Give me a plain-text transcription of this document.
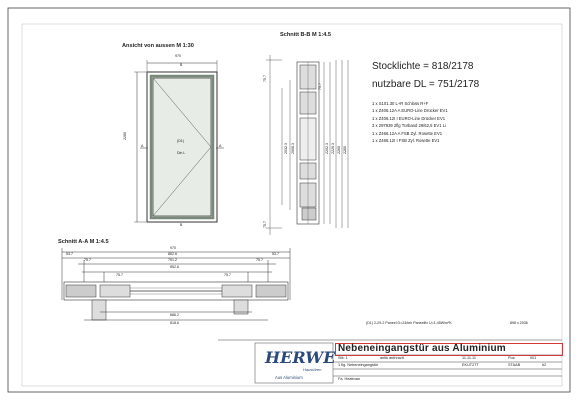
Ansicht von aussen M 1:30
Schnitt B-B M 1:4.5
Schnitt A-A M 1:4.5
970
B
B
A	A
2280
(D1)
Din L
75.7
75.7
2032.3 2008.3	2202.3 2226.3 2260 2280
75.7
970
53.7	862.6	53.7
75.7	701.2	75.7
852.6
75.7	75.7
686.2
818.6
Stocklichte = 818/2178
nutzbare DL = 751/2178
1 x S101.30 L+R Schloss R+F
1 x Z406.12A A EURO-Line Drücker EV1
1 x Z406.12I I EURO-Line Drücker EV1
3 x 297939 2flg Türband 29/62,5 EV1 Li
1 x Z466.12A A FSB Zyl. Rosette EV1
1 x Z466.12I I FSB Zyl. Rosette EV1
(D1) 2-29-2 Paneel D=24/teh Paneelfix U=1,45W/m²K	898 x 2036
HERWE
Haustüren
Aus Aluminium
Nebeneingangstür aus Aluminium
Stk: 1	antik anthrazit	11.11.11	Pos:	001
1 flg. Nebeneingangstür	EKUT2TT	STAAB	#2
Fa. Heatman
